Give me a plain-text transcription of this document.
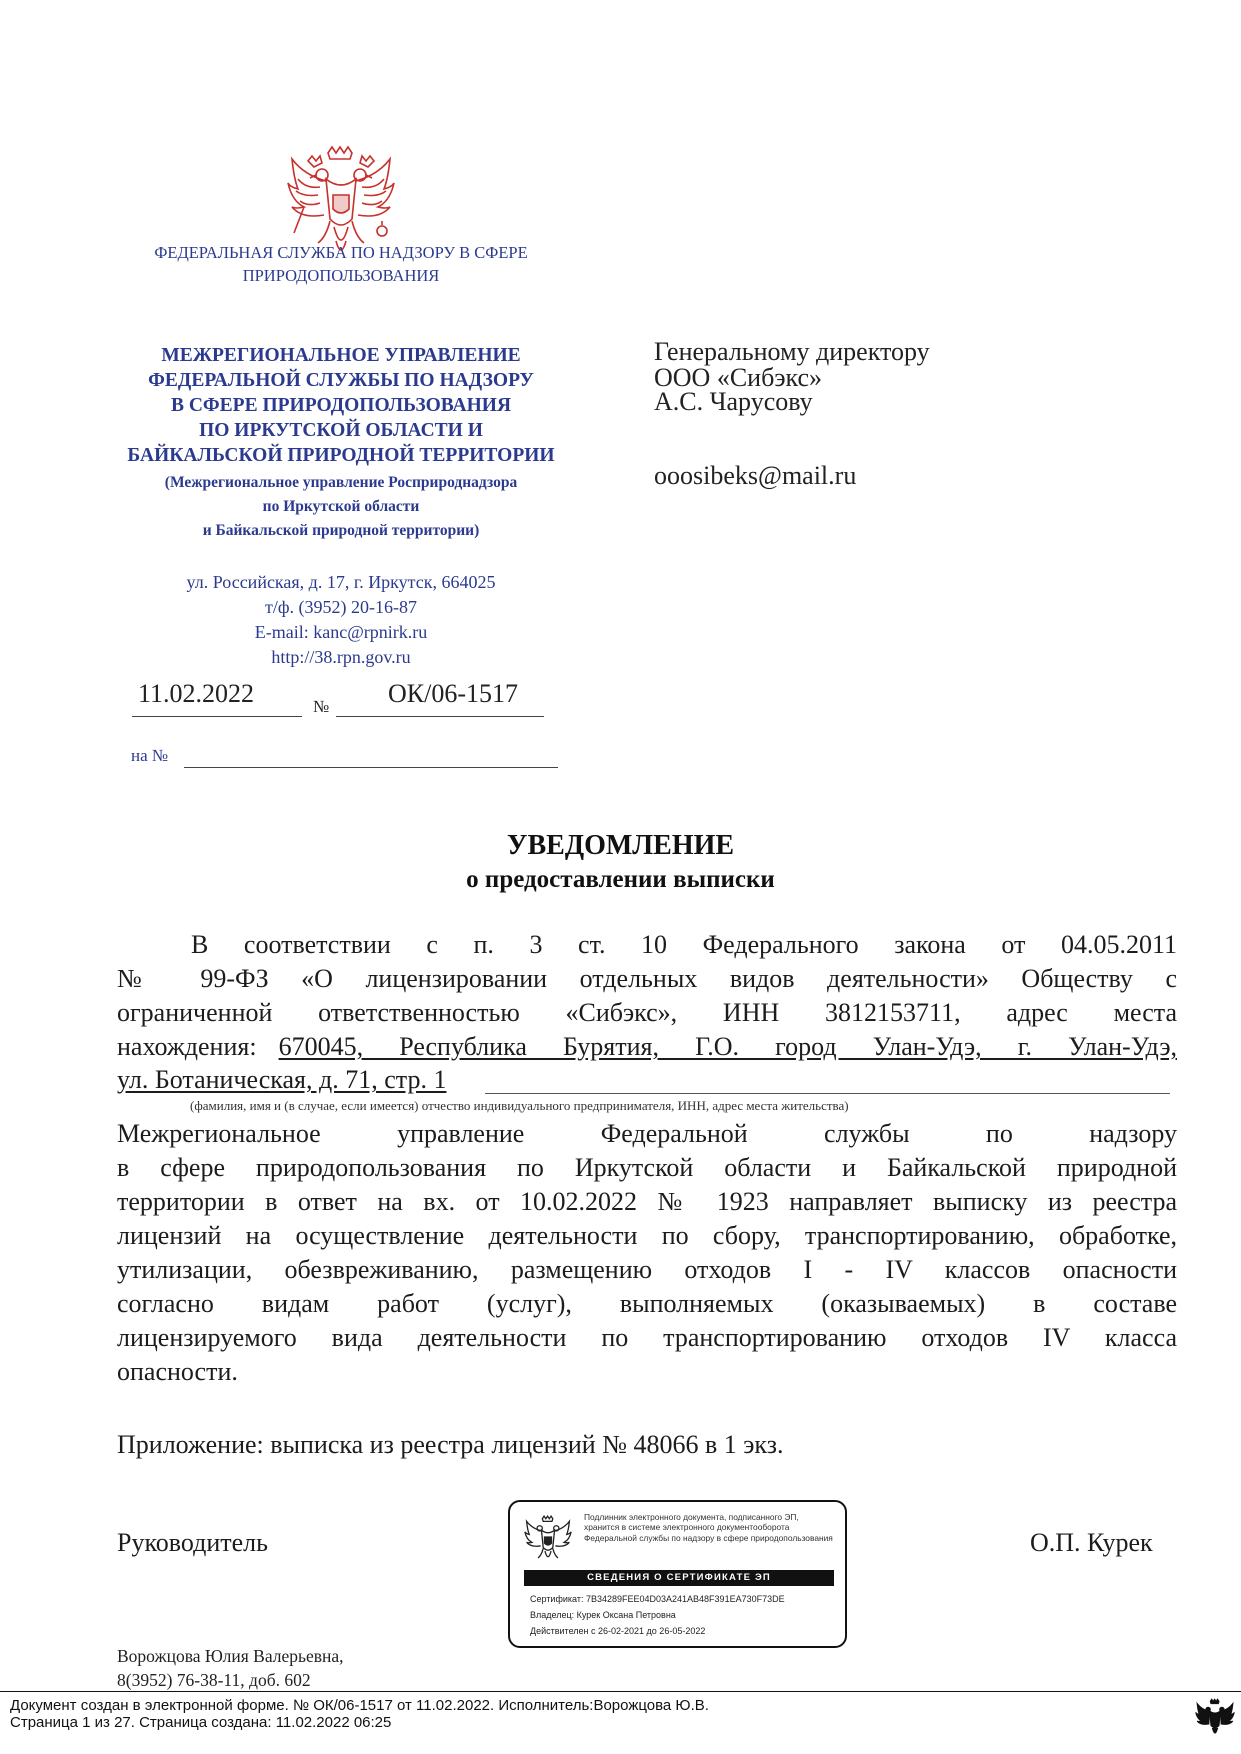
ФЕДЕРАЛЬНАЯ СЛУЖБА ПО НАДЗОРУ В СФЕРЕ
ПРИРОДОПОЛЬЗОВАНИЯ
МЕЖРЕГИОНАЛЬНОЕ УПРАВЛЕНИЕ
ФЕДЕРАЛЬНОЙ СЛУЖБЫ ПО НАДЗОРУ
В СФЕРЕ ПРИРОДОПОЛЬЗОВАНИЯ
ПО ИРКУТСКОЙ ОБЛАСТИ И
БАЙКАЛЬСКОЙ ПРИРОДНОЙ ТЕРРИТОРИИ
(Межрегиональное управление Росприроднадзора
по Иркутской области
и Байкальской природной территории)
ул. Российская, д. 17, г. Иркутск, 664025
т/ф. (3952) 20-16-87
E-mail: kanc@rpnirk.ru
http://38.rpn.gov.ru
11.02.2022	№ ОК/06-1517
на №
Генеральному директору
ООО «Сибэкс»
А.С. Чарусову
ooosibeks@mail.ru
УВЕДОМЛЕНИЕ
о предоставлении выписки
В соответствии с п. 3 ст. 10 Федерального закона от 04.05.2011
№ 99-ФЗ «О лицензировании отдельных видов деятельности» Обществу с
ограниченной ответственностью «Сибэкс», ИНН 3812153711, адрес места
нахождения: 670045, Республика Бурятия, Г.О. город Улан-Удэ, г. Улан-Удэ,
ул. Ботаническая, д. 71, стр. 1
(фамилия, имя и (в случае, если имеется) отчество индивидуального предпринимателя, ИНН, адрес места жительства)
Межрегиональное управление Федеральной службы по надзору
в сфере природопользования по Иркутской области и Байкальской природной
территории в ответ на вх. от 10.02.2022 № 1923 направляет выписку из реестра
лицензий на осуществление деятельности по сбору, транспортированию, обработке,
утилизации, обезвреживанию, размещению отходов I - IV классов опасности
согласно видам работ (услуг), выполняемых (оказываемых) в составе
лицензируемого вида деятельности по транспортированию отходов IV класса
опасности.
Приложение: выписка из реестра лицензий № 48066 в 1 экз.
Руководитель	О.П. Курек
Подлинник электронного документа, подписанного ЭП, хранится в системе электронного документооборота Федеральной службы по надзору в сфере природопользования
СВЕДЕНИЯ О СЕРТИФИКАТЕ ЭП
Сертификат: 7B34289FEE04D03A241AB48F391EA730F73DE
Владелец: Курек Оксана Петровна
Действителен с 26-02-2021 до 26-05-2022
Ворожцова Юлия Валерьевна,
8(3952) 76-38-11, доб. 602
Документ создан в электронной форме. № ОК/06-1517 от 11.02.2022. Исполнитель:Ворожцова Ю.В.
Страница 1 из 27. Страница создана: 11.02.2022 06:25
